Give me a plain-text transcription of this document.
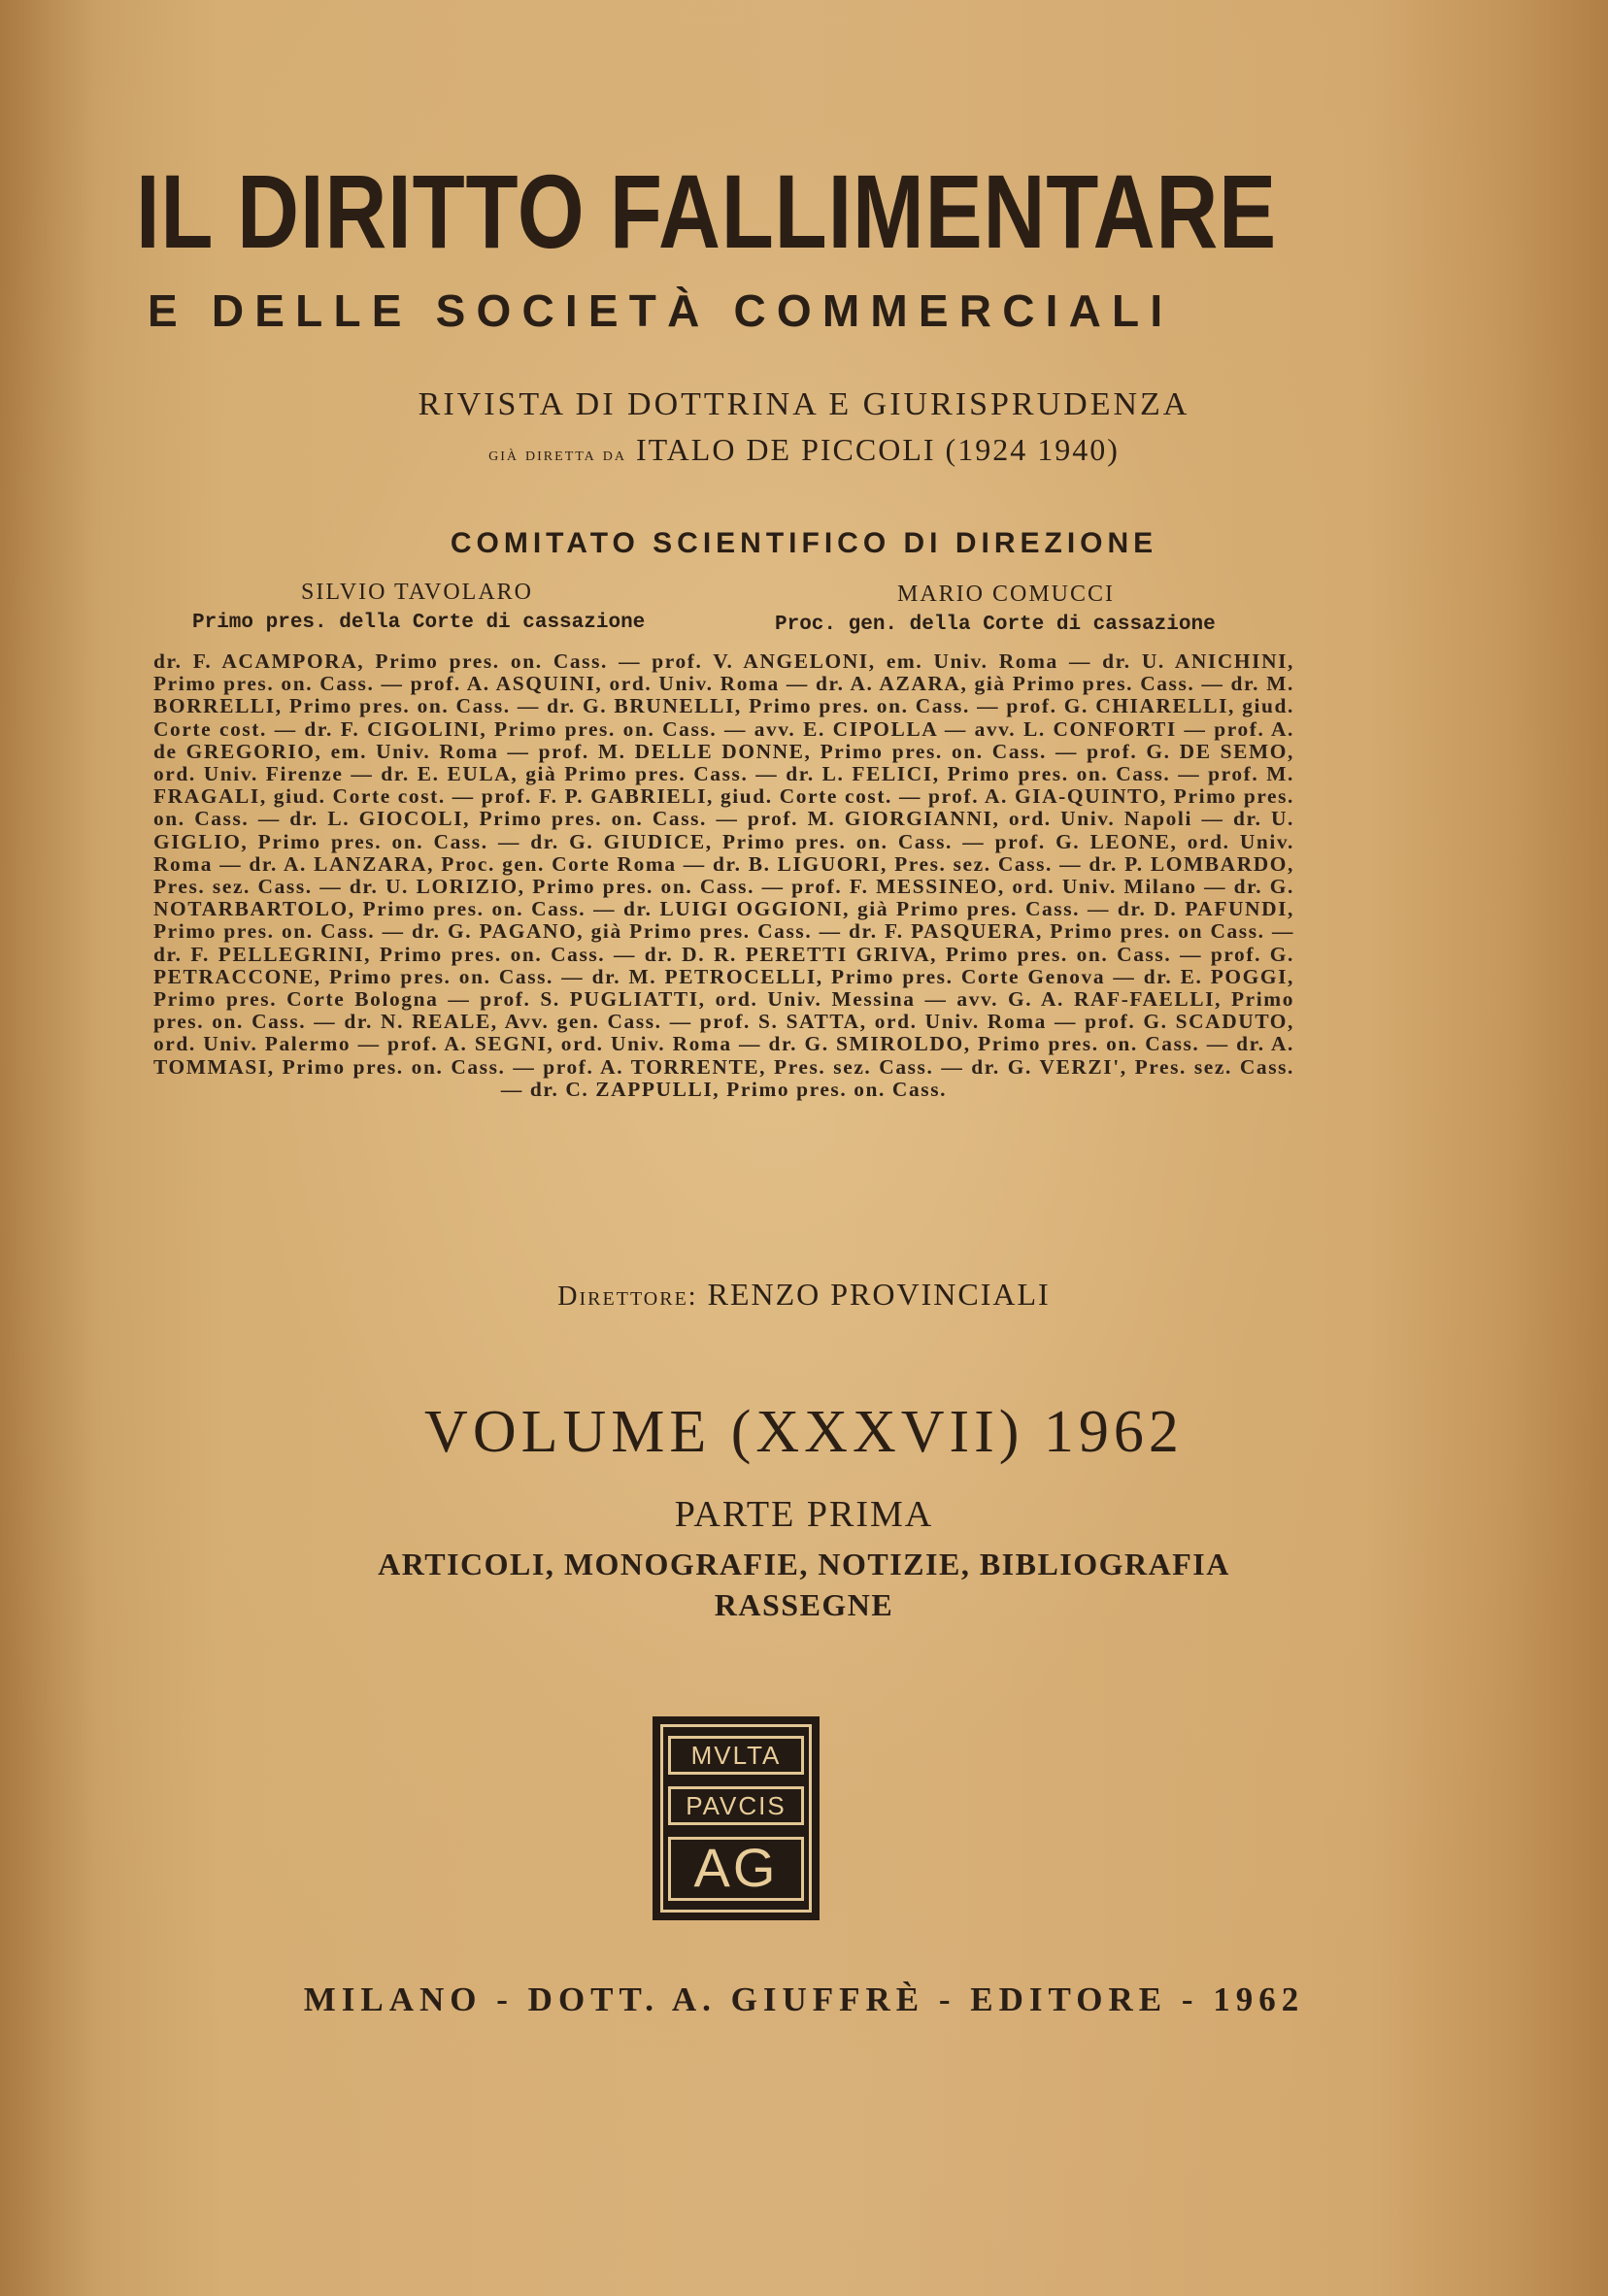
IL DIRITTO FALLIMENTARE
E DELLE SOCIETÀ COMMERCIALI
RIVISTA DI DOTTRINA E GIURISPRUDENZA
già diretta da ITALO DE PICCOLI (1924 1940)
COMITATO SCIENTIFICO DI DIREZIONE
SILVIO TAVOLARO
Primo pres. della Corte di cassazione
MARIO COMUCCI
Proc. gen. della Corte di cassazione
dr. F. ACAMPORA, Primo pres. on. Cass. — prof. V. ANGELONI, em. Univ. Roma — dr. U. ANICHINI, Primo pres. on. Cass. — prof. A. ASQUINI, ord. Univ. Roma — dr. A. AZARA, già Primo pres. Cass. — dr. M. BORRELLI, Primo pres. on. Cass. — dr. G. BRUNELLI, Primo pres. on. Cass. — prof. G. CHIARELLI, giud. Corte cost. — dr. F. CIGOLINI, Primo pres. on. Cass. — avv. E. CIPOLLA — avv. L. CONFORTI — prof. A. de GREGORIO, em. Univ. Roma — prof. M. DELLE DONNE, Primo pres. on. Cass. — prof. G. DE SEMO, ord. Univ. Firenze — dr. E. EULA, già Primo pres. Cass. — dr. L. FELICI, Primo pres. on. Cass. — prof. M. FRAGALI, giud. Corte cost. — prof. F. P. GABRIELI, giud. Corte cost. — prof. A. GIA-QUINTO, Primo pres. on. Cass. — dr. L. GIOCOLI, Primo pres. on. Cass. — prof. M. GIORGIANNI, ord. Univ. Napoli — dr. U. GIGLIO, Primo pres. on. Cass. — dr. G. GIUDICE, Primo pres. on. Cass. — prof. G. LEONE, ord. Univ. Roma — dr. A. LANZARA, Proc. gen. Corte Roma — dr. B. LIGUORI, Pres. sez. Cass. — dr. P. LOMBARDO, Pres. sez. Cass. — dr. U. LORIZIO, Primo pres. on. Cass. — prof. F. MESSINEO, ord. Univ. Milano — dr. G. NOTARBARTOLO, Primo pres. on. Cass. — dr. LUIGI OGGIONI, già Primo pres. Cass. — dr. D. PAFUNDI, Primo pres. on. Cass. — dr. G. PAGANO, già Primo pres. Cass. — dr. F. PASQUERA, Primo pres. on Cass. — dr. F. PELLEGRINI, Primo pres. on. Cass. — dr. D. R. PERETTI GRIVA, Primo pres. on. Cass. — prof. G. PETRACCONE, Primo pres. on. Cass. — dr. M. PETROCELLI, Primo pres. Corte Genova — dr. E. POGGI, Primo pres. Corte Bologna — prof. S. PUGLIATTI, ord. Univ. Messina — avv. G. A. RAF-FAELLI, Primo pres. on. Cass. — dr. N. REALE, Avv. gen. Cass. — prof. S. SATTA, ord. Univ. Roma — prof. G. SCADUTO, ord. Univ. Palermo — prof. A. SEGNI, ord. Univ. Roma — dr. G. SMIROLDO, Primo pres. on. Cass. — dr. A. TOMMASI, Primo pres. on. Cass. — prof. A. TORRENTE, Pres. sez. Cass. — dr. G. VERZI', Pres. sez. Cass. — dr. C. ZAPPULLI, Primo pres. on. Cass.
Direttore: RENZO PROVINCIALI
VOLUME (XXXVII) 1962
PARTE PRIMA
ARTICOLI, MONOGRAFIE, NOTIZIE, BIBLIOGRAFIA
RASSEGNE
MVLTA
PAVCIS
AG
MILANO - DOTT. A. GIUFFRÈ - EDITORE - 1962
